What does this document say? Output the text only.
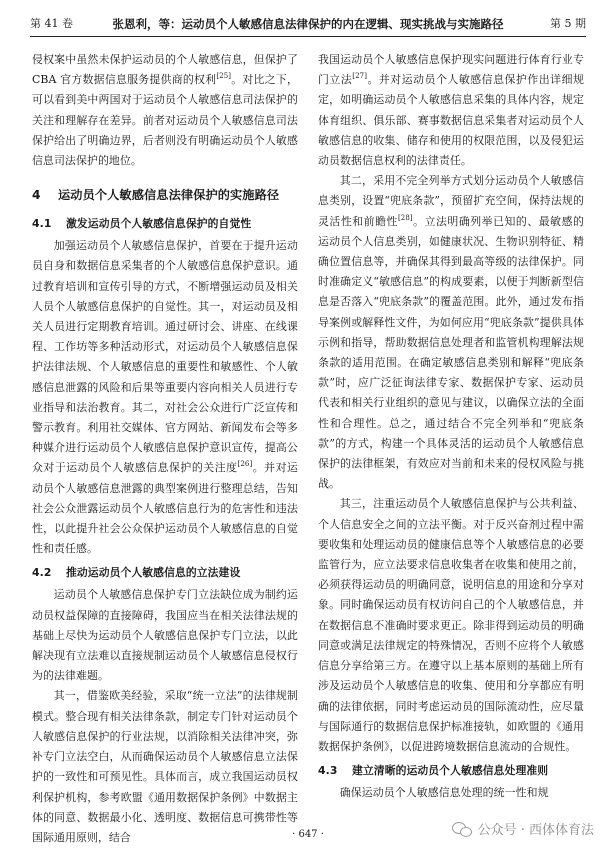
第 41 卷	张恩利，等：运动员个人敏感信息法律保护的内在逻辑、现实挑战与实施路径	第 5 期

侵权案中虽然未保护运动员的个人敏感信息，但保护了 CBA 官方数据信息服务提供商的权利[25]。对比之下，可以看到美中两国对于运动员个人敏感信息司法保护的关注和理解存在差异。前者对运动员个人敏感信息司法保护给出了明确边界，后者则没有明确运动员个人敏感信息司法保护的地位。

4	运动员个人敏感信息法律保护的实施路径
4.1 激发运动员个人敏感信息保护的自觉性

加强运动员个人敏感信息保护，首要在于提升运动员自身和数据信息采集者的个人敏感信息保护意识。通过教育培训和宣传引导的方式，不断增强运动员及相关人员个人敏感信息保护的自觉性。其一，对运动员及相关人员进行定期教育培训。通过研讨会、讲座、在线课程、工作坊等多种活动形式，对运动员个人敏感信息保护法律法规、个人敏感信息的重要性和敏感性、个人敏感信息泄露的风险和后果等重要内容向相关人员进行专业指导和法治教育。其二，对社会公众进行广泛宣传和警示教育。利用社交媒体、官方网站、新闻发布会等多种媒介进行运动员个人敏感信息保护意识宣传，提高公众对于运动员个人敏感信息保护的关注度[26]。并对运动员个人敏感信息泄露的典型案例进行整理总结，告知社会公众泄露运动员个人敏感信息行为的危害性和违法性，以此提升社会公众保护运动员个人敏感信息的自觉性和责任感。

4.2 推动运动员个人敏感信息的立法建设

运动员个人敏感信息保护专门立法缺位成为制约运动员权益保障的直接障碍，我国应当在相关法律法规的基础上尽快为运动员个人敏感信息保护专门立法，以此解决现有立法难以直接规制运动员个人敏感信息侵权行为的法律难题。

其一，借鉴欧美经验，采取“统一立法”的法律规制模式。整合现有相关法律条款，制定专门针对运动员个人敏感信息保护的行业法规，以消除相关法律冲突，弥补专门立法空白，从而确保运动员个人敏感信息立法保护的一致性和可预见性。具体而言，成立我国运动员权利保护机构，参考欧盟《通用数据保护条例》中数据主体的同意、数据最小化、透明度、数据信息可携带性等国际通用原则，结合

我国运动员个人敏感信息保护现实问题进行体育行业专门立法[27]。并对运动员个人敏感信息保护作出详细规定，如明确运动员个人敏感信息采集的具体内容，规定体育组织、俱乐部、赛事数据信息采集者对运动员个人敏感信息的收集、储存和使用的权限范围，以及侵犯运动员数据信息权利的法律责任。

其二，采用不完全列举方式划分运动员个人敏感信息类别，设置“兜底条款”，预留扩充空间，保持法规的灵活性和前瞻性[28]。立法明确列举已知的、最敏感的运动员个人信息类别，如健康状况、生物识别特征、精确位置信息等，并确保其得到最高等级的法律保护。同时准确定义“敏感信息”的构成要素，以便于判断新型信息是否落入“兜底条款”的覆盖范围。此外，通过发布指导案例或解释性文件，为如何应用“兜底条款”提供具体示例和指导，帮助数据信息处理者和监管机构理解法规条款的适用范围。在确定敏感信息类别和解释“兜底条款”时，应广泛征询法律专家、数据保护专家、运动员代表和相关行业组织的意见与建议，以确保立法的全面性和合理性。总之，通过结合不完全列举和“兜底条款”的方式，构建一个具体灵活的运动员个人敏感信息保护的法律框架，有效应对当前和未来的侵权风险与挑战。

其三，注重运动员个人敏感信息保护与公共利益、个人信息安全之间的立法平衡。对于反兴奋剂过程中需要收集和处理运动员的健康信息等个人敏感信息的必要监管行为，应立法要求信息收集者在收集和使用之前，必须获得运动员的明确同意，说明信息的用途和分享对象。同时确保运动员有权访问自己的个人敏感信息，并在数据信息不准确时要求更正。除非得到运动员的明确同意或满足法律规定的特殊情况，否则不应将个人敏感信息分享给第三方。在遵守以上基本原则的基础上所有涉及运动员个人敏感信息的收集、使用和分享都应有明确的法律依据，同时考虑运动员的国际流动性，应尽量与国际通行的数据信息保护标准接轨，如欧盟的《通用数据保护条例》，以促进跨境数据信息流动的合规性。

4.3 建立清晰的运动员个人敏感信息处理准则

确保运动员个人敏感信息处理的统一性和规

· 647 ·	公众号 · 西体体育法
